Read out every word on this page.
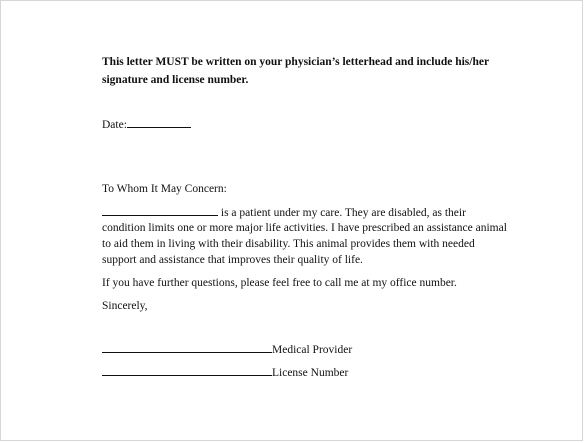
This letter MUST be written on your physician’s letterhead and include his/her
signature and license number.
Date:
To Whom It May Concern:
is a patient under my care. They are disabled, as their
condition limits one or more major life activities. I have prescribed an assistance animal
to aid them in living with their disability. This animal provides them with needed
support and assistance that improves their quality of life.
If you have further questions, please feel free to call me at my office number.
Sincerely,
Medical Provider
License Number
